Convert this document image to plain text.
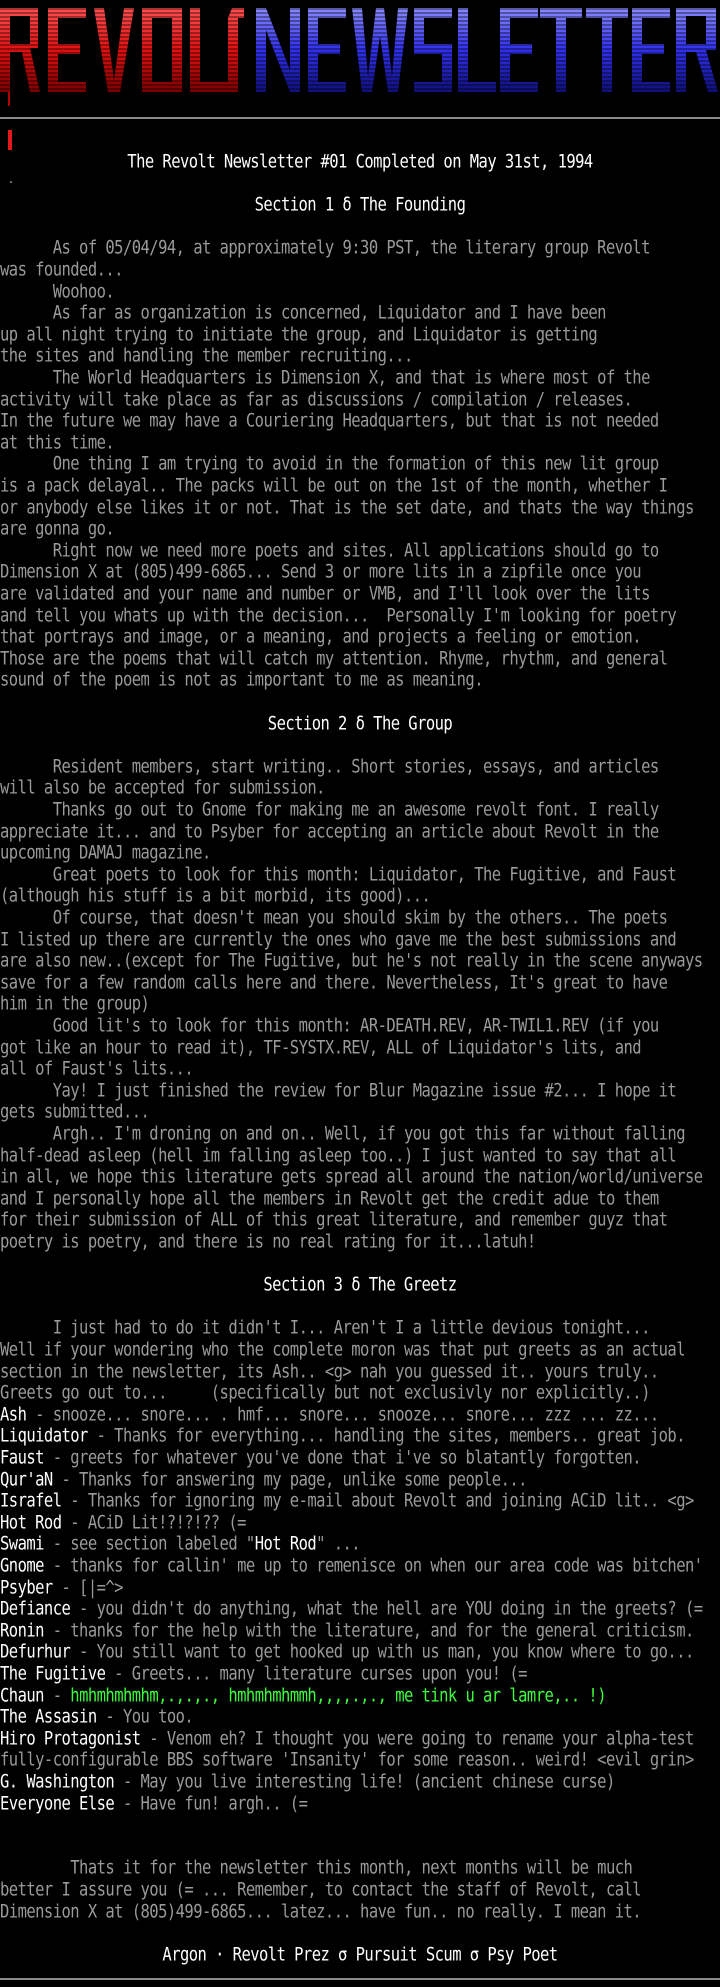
The Revolt Newsletter #01 Completed on May 31st, 1994
Section 1 δ The Founding
As of 05/04/94, at approximately 9:30 PST, the literary group Revolt
was founded...
Woohoo.
As far as organization is concerned, Liquidator and I have been
up all night trying to initiate the group, and Liquidator is getting
the sites and handling the member recruiting...
The World Headquarters is Dimension X, and that is where most of the
activity will take place as far as discussions / compilation / releases.
In the future we may have a Couriering Headquarters, but that is not needed
at this time.
One thing I am trying to avoid in the formation of this new lit group
is a pack delayal.. The packs will be out on the 1st of the month, whether I
or anybody else likes it or not. That is the set date, and thats the way things
are gonna go.
Right now we need more poets and sites. All applications should go to
Dimension X at (805)499-6865... Send 3 or more lits in a zipfile once you
are validated and your name and number or VMB, and I'll look over the lits
and tell you whats up with the decision...  Personally I'm looking for poetry
that portrays and image, or a meaning, and projects a feeling or emotion.
Those are the poems that will catch my attention. Rhyme, rhythm, and general
sound of the poem is not as important to me as meaning.
Section 2 δ The Group
Resident members, start writing.. Short stories, essays, and articles
will also be accepted for submission.
Thanks go out to Gnome for making me an awesome revolt font. I really
appreciate it... and to Psyber for accepting an article about Revolt in the
upcoming DAMAJ magazine.
Great poets to look for this month: Liquidator, The Fugitive, and Faust
(although his stuff is a bit morbid, its good)...
Of course, that doesn't mean you should skim by the others.. The poets
I listed up there are currently the ones who gave me the best submissions and
are also new..(except for The Fugitive, but he's not really in the scene anyways
save for a few random calls here and there. Nevertheless, It's great to have
him in the group)
Good lit's to look for this month: AR-DEATH.REV, AR-TWIL1.REV (if you
got like an hour to read it), TF-SYSTX.REV, ALL of Liquidator's lits, and
all of Faust's lits...
Yay! I just finished the review for Blur Magazine issue #2... I hope it
gets submitted...
Argh.. I'm droning on and on.. Well, if you got this far without falling
half-dead asleep (hell im falling asleep too..) I just wanted to say that all
in all, we hope this literature gets spread all around the nation/world/universe
and I personally hope all the members in Revolt get the credit adue to them
for their submission of ALL of this great literature, and remember guyz that
poetry is poetry, and there is no real rating for it...latuh!
Section 3 δ The Greetz
I just had to do it didn't I... Aren't I a little devious tonight...
Well if your wondering who the complete moron was that put greets as an actual
section in the newsletter, its Ash.. <g> nah you guessed it.. yours truly..
Greets go out to...     (specifically but not exclusivly nor explicitly..)
Ash - snooze... snore... . hmf... snore... snooze... snore... zzz ... zz...
Liquidator - Thanks for everything... handling the sites, members.. great job.
Faust - greets for whatever you've done that i've so blatantly forgotten.
Qur'aN - Thanks for answering my page, unlike some people...
Israfel - Thanks for ignoring my e-mail about Revolt and joining ACiD lit.. <g>
Hot Rod - ACiD Lit!?!?!?? (=
Swami - see section labeled "Hot Rod" ...
Gnome - thanks for callin' me up to remenisce on when our area code was bitchen'
Psyber - [|=^>
Defiance - you didn't do anything, what the hell are YOU doing in the greets? (=
Ronin - thanks for the help with the literature, and for the general criticism.
Defurhur - You still want to get hooked up with us man, you know where to go...
The Fugitive - Greets... many literature curses upon you! (=
Chaun - hmhmhmhmhm,.,.,., hmhmhmhmmh,,,,.,., me tink u ar lamre,.. !)
The Assasin - You too.
Hiro Protagonist - Venom eh? I thought you were going to rename your alpha-test
fully-configurable BBS software 'Insanity' for some reason.. weird! <evil grin>
G. Washington - May you live interesting life! (ancient chinese curse)
Everyone Else - Have fun! argh.. (=
Thats it for the newsletter this month, next months will be much
better I assure you (= ... Remember, to contact the staff of Revolt, call
Dimension X at (805)499-6865... latez... have fun.. no really. I mean it.
Argon · Revolt Prez σ Pursuit Scum σ Psy Poet
